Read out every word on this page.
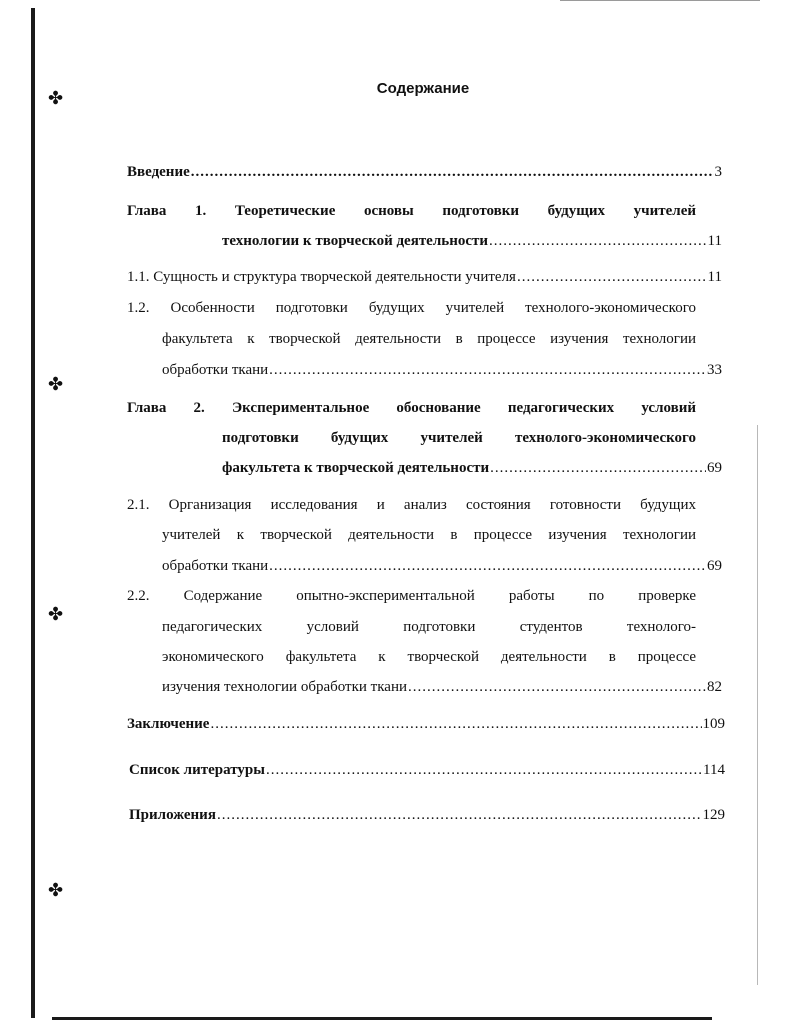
✤
✤
✤
✤
Содержание
Введение .....	3
Глава 1. Теоретические основы подготовки будущих учителей
технологии к творческой деятельности .....	11
1.1. Сущность и структура творческой деятельности учителя .....	11
1.2. Особенности подготовки будущих учителей технолого-экономического
факультета к творческой деятельности в процессе изучения технологии
обработки ткани .....	33
Глава 2. Экспериментальное обоснование педагогических условий
подготовки будущих учителей технолого-экономического
факультета к творческой деятельности .....	69
2.1. Организация исследования и анализ состояния готовности будущих
учителей к творческой деятельности в процессе изучения технологии
обработки ткани .....	69
2.2. Содержание опытно-экспериментальной работы по проверке
педагогических условий подготовки студентов технолого-
экономического факультета к творческой деятельности в процессе
изучения технологии обработки ткани .....	82
Заключение .....	109
Список литературы .....	114
Приложения .....	129
